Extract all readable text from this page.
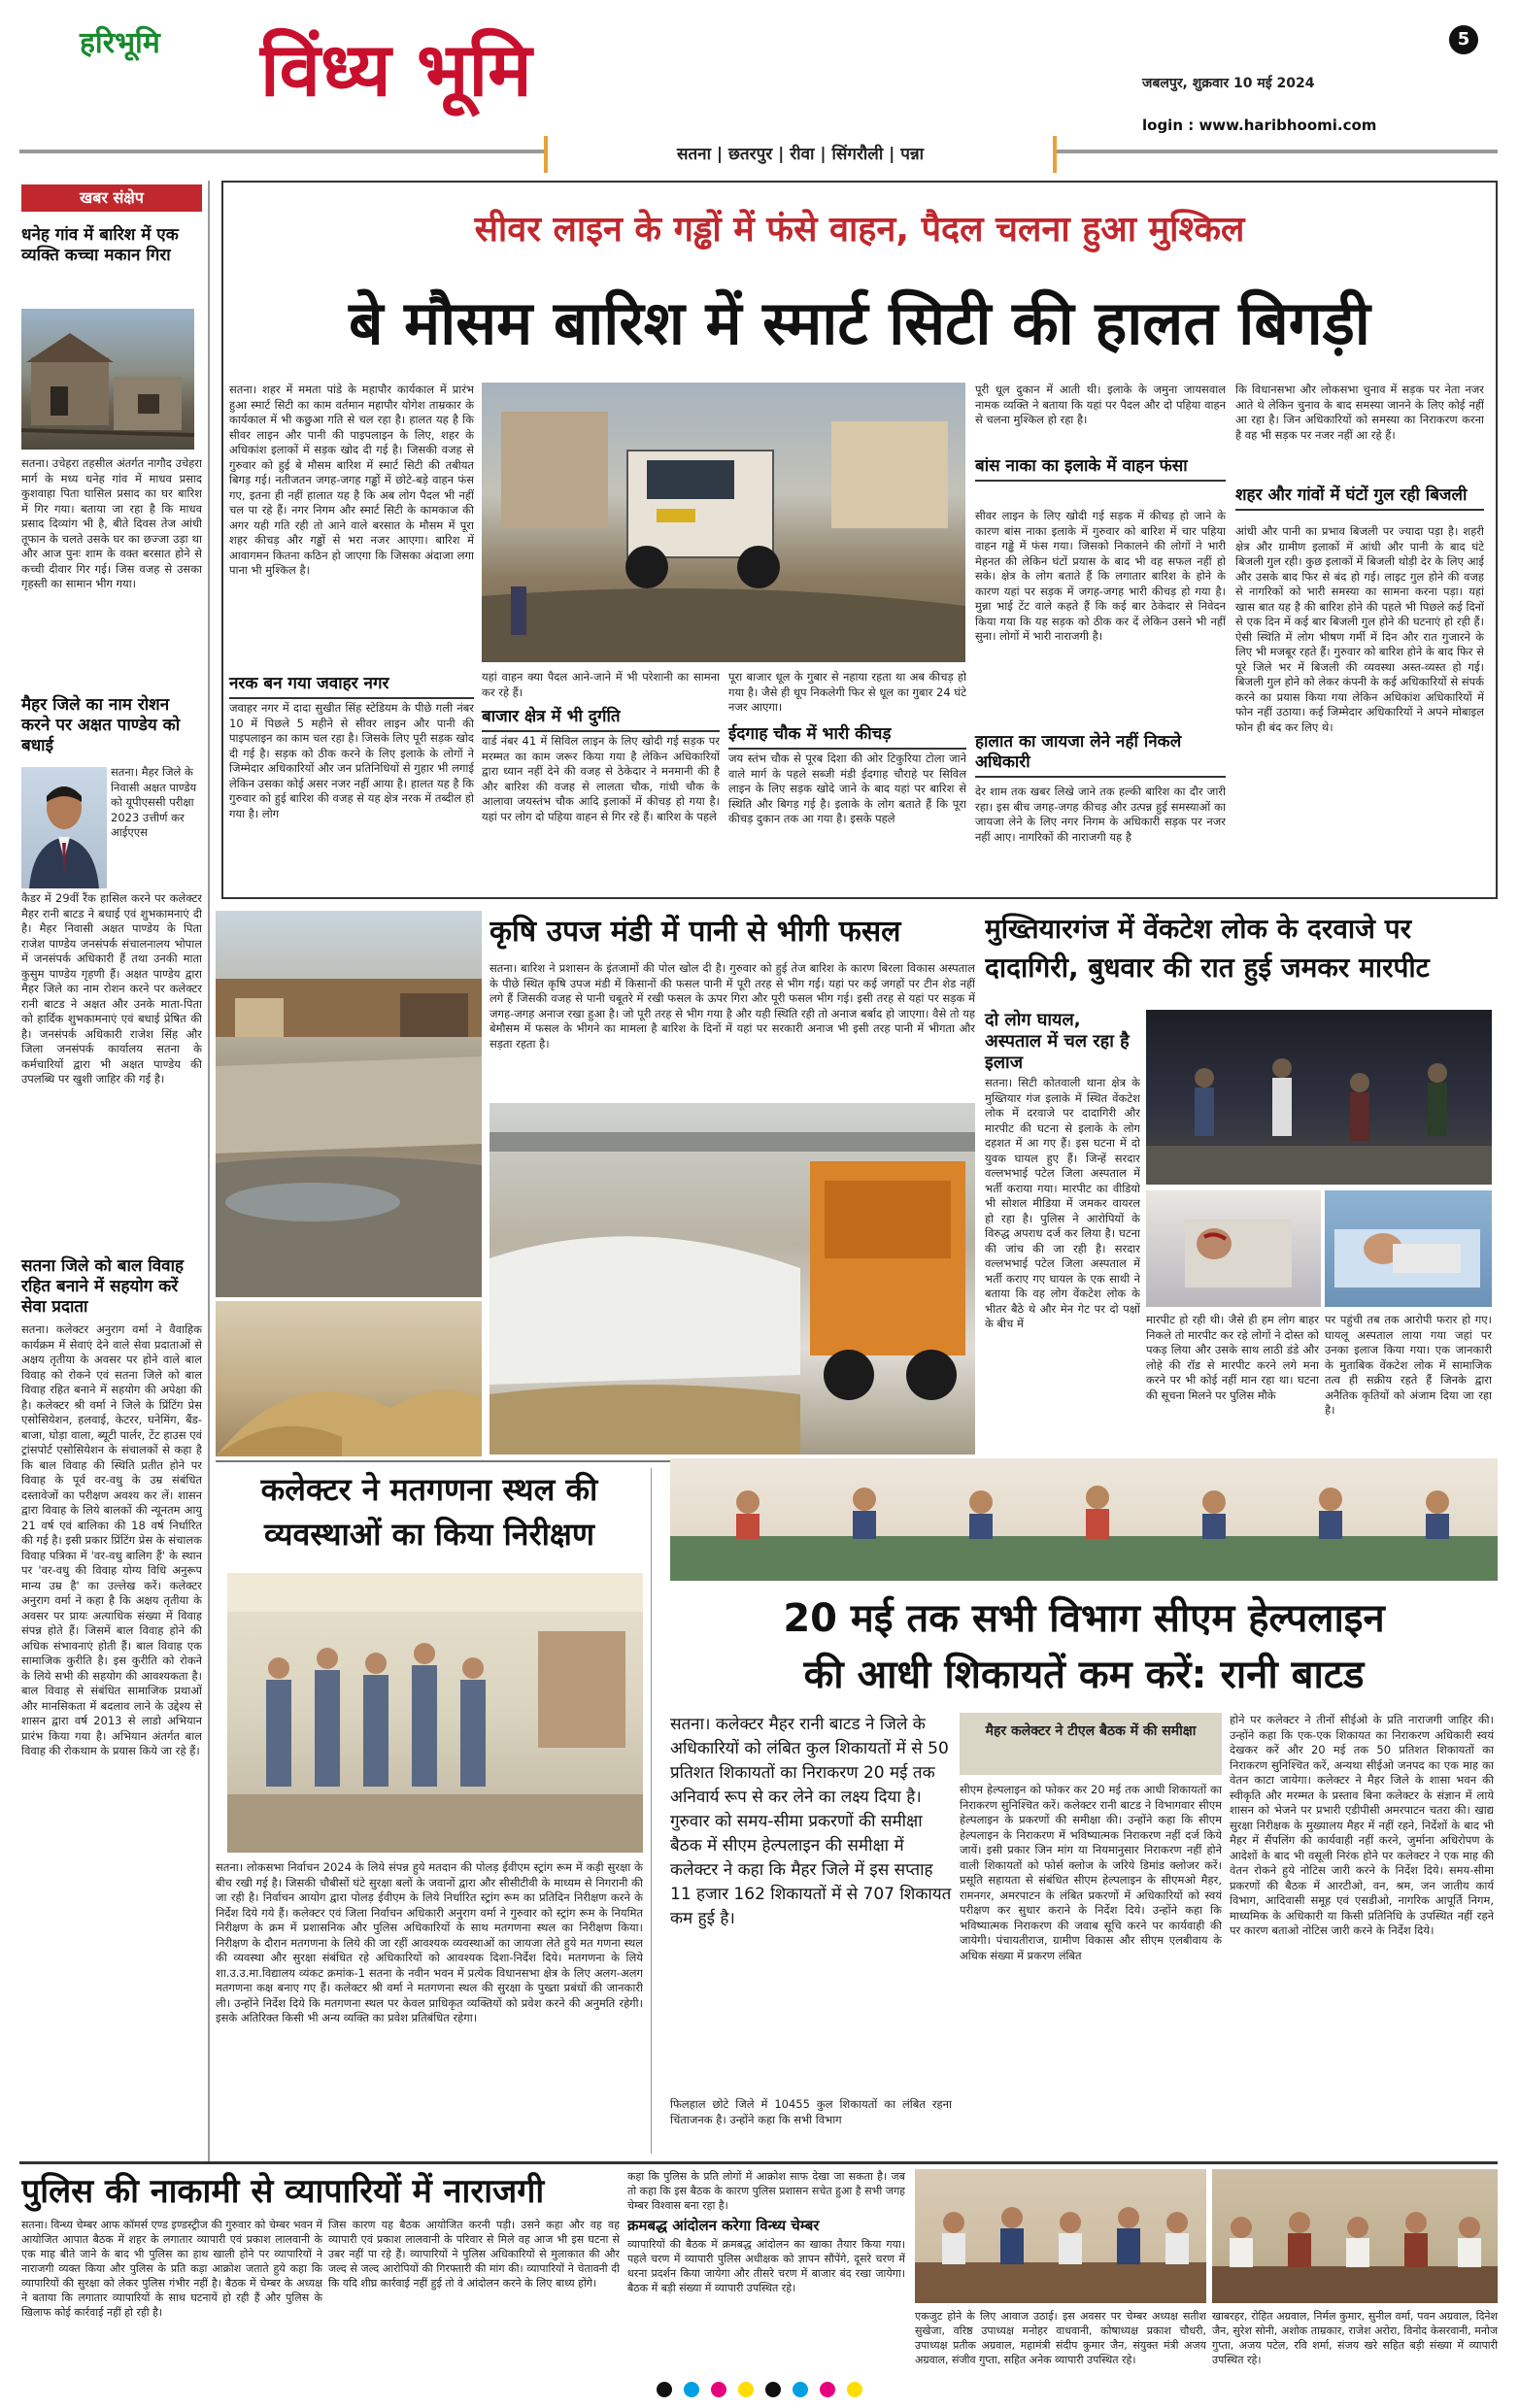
हरिभूमि विंध्य भूमि	5
जबलपुर, शुक्रवार 10 मई 2024
login : www.haribhoomi.com
सतना | छतरपुर | रीवा | सिंगरौली | पन्ना
खबर संक्षेप
धनेह गांव में बारिश में एक व्यक्ति कच्चा मकान गिरा
सतना। उचेहरा तहसील अंतर्गत नागौद उचेहरा मार्ग के मध्य धनेह गांव में माधव प्रसाद कुशवाहा पिता घासिल प्रसाद का घर बारिश में गिर गया। बताया जा रहा है कि माधव प्रसाद दिव्यांग भी है, बीते दिवस तेज आंधी तूफान के चलते उसके घर का छज्जा उड़ा था और आज पुनः शाम के वक्त बरसात होने से कच्ची दीवार गिर गई। जिस वजह से उसका गृहस्ती का सामान भीग गया।
मैहर जिले का नाम रोशन करने पर अक्षत पाण्डेय को बधाई
सतना। मैहर जिले के निवासी अक्षत पाण्डेय को यूपीएससी परीक्षा 2023 उत्तीर्ण कर आईएएस
कैडर में 29वीं रैंक हासिल करने पर कलेक्टर मैहर रानी बाटड ने बधाई एवं शुभकामनाएं दी है। मैहर निवासी अक्षत पाण्डेय के पिता राजेश पाण्डेय जनसंपर्क संचालनालय भोपाल में जनसंपर्क अधिकारी हैं तथा उनकी माता कुसुम पाण्डेय गृहणी हैं। अक्षत पाण्डेय द्वारा मैहर जिले का नाम रोशन करने पर कलेक्टर रानी बाटड ने अक्षत और उनके माता-पिता को हार्दिक शुभकामनाएं एवं बधाई प्रेषित की है। जनसंपर्क अधिकारी राजेश सिंह और जिला जनसंपर्क कार्यालय सतना के कर्मचारियों द्वारा भी अक्षत पाण्डेय की उपलब्धि पर खुशी जाहिर की गई है।
सतना जिले को बाल विवाह रहित बनाने में सहयोग करें सेवा प्रदाता
सतना। कलेक्टर अनुराग वर्मा ने वैवाहिक कार्यक्रम में सेवाएं देने वाले सेवा प्रदाताओं से अक्षय तृतीया के अवसर पर होने वाले बाल विवाह को रोकने एवं सतना जिले को बाल विवाह रहित बनाने में सहयोग की अपेक्षा की है। कलेक्टर श्री वर्मा ने जिले के प्रिंटिंग प्रेस एसोसियेशन, हलवाई, केटरर, घनेमिंग, बैंड-बाजा, घोड़ा वाला, ब्यूटी पार्लर, टेंट हाउस एवं ट्रांसपोर्ट एसोसियेशन के संचालकों से कहा है कि बाल विवाह की स्थिति प्रतीत होने पर विवाह के पूर्व वर-वधु के उम्र संबंधित दस्तावेजों का परीक्षण अवश्य कर लें। शासन द्वारा विवाह के लिये बालकों की न्यूनतम आयु 21 वर्ष एवं बालिका की 18 वर्ष निर्धारित की गई है। इसी प्रकार प्रिंटिंग प्रेस के संचालक विवाह पत्रिका में 'वर-वधु बालिग हैं' के स्थान पर 'वर-वधु की विवाह योग्य विधि अनुरूप मान्य उम्र है' का उल्लेख करें। कलेक्टर अनुराग वर्मा ने कहा है कि अक्षय तृतीया के अवसर पर प्रायः अत्याधिक संख्या में विवाह संपन्न होते हैं। जिसमें बाल विवाह होने की अधिक संभावनाएं होती हैं। बाल विवाह एक सामाजिक कुरीति है। इस कुरीति को रोकने के लिये सभी की सहयोग की आवश्यकता है। बाल विवाह से संबंधित सामाजिक प्रथाओं और मानसिकता में बदलाव लाने के उद्देश्य से शासन द्वारा वर्ष 2013 से लाडो अभियान प्रारंभ किया गया है। अभियान अंतर्गत बाल विवाह की रोकथाम के प्रयास किये जा रहे हैं।
सीवर लाइन के गड्ढों में फंसे वाहन, पैदल चलना हुआ मुश्किल
बे मौसम बारिश में स्मार्ट सिटी की हालत बिगड़ी
सतना। शहर में ममता पांडे के महापौर कार्यकाल में प्रारंभ हुआ स्मार्ट सिटी का काम वर्तमान महापौर योगेश ताम्रकार के कार्यकाल में भी कछुआ गति से चल रहा है। हालत यह है कि सीवर लाइन और पानी की पाइपलाइन के लिए, शहर के अधिकांश इलाकों में सड़क खोद दी गई है। जिसकी वजह से गुरुवार को हुई बे मौसम बारिश में स्मार्ट सिटी की तबीयत बिगड़ गई। नतीजतन जगह-जगह गड्ढों में छोटे-बड़े वाहन फंस गए, इतना ही नहीं हालात यह है कि अब लोग पैदल भी नहीं चल पा रहे हैं। नगर निगम और स्मार्ट सिटी के कामकाज की अगर यही गति रही तो आने वाले बरसात के मौसम में पूरा शहर कीचड़ और गड्ढों से भरा नजर आएगा। बारिश में आवागमन कितना कठिन हो जाएगा कि जिसका अंदाजा लगा पाना भी मुश्किल है।
नरक बन गया जवाहर नगर
जवाहर नगर में दादा सुखीत सिंह स्टेडियम के पीछे गली नंबर 10 में पिछले 5 महीने से सीवर लाइन और पानी की पाइपलाइन का काम चल रहा है। जिसके लिए पूरी सड़क खोद दी गई है। सड़क को ठीक करने के लिए इलाके के लोगों ने जिम्मेदार अधिकारियों और जन प्रतिनिधियों से गुहार भी लगाई लेकिन उसका कोई असर नजर नहीं आया है। हालत यह है कि गुरुवार को हुई बारिश की वजह से यह क्षेत्र नरक में तब्दील हो गया है। लोग
यहां वाहन क्या पैदल आने-जाने में भी परेशानी का सामना कर रहे हैं।
बाजार क्षेत्र में भी दुर्गति
वार्ड नंबर 41 में सिविल लाइन के लिए खोदी गई सड़क पर मरम्मत का काम जरूर किया गया है लेकिन अधिकारियों द्वारा ध्यान नहीं देने की वजह से ठेकेदार ने मनमानी की है और बारिश की वजह से लालता चौक, गांधी चौक के आलावा जयस्तंभ चौक आदि इलाकों में कीचड़ हो गया है। यहां पर लोग दो पहिया वाहन से गिर रहे हैं। बारिश के पहले
पूरा बाजार धूल के गुबार से नहाया रहता था अब कीचड़ हो गया है। जैसे ही धूप निकलेगी फिर से धूल का गुबार 24 घंटे नजर आएगा।
ईदगाह चौक में भारी कीचड़
जय स्तंभ चौक से पूरब दिशा की ओर टिकुरिया टोला जाने वाले मार्ग के पहले सब्जी मंडी ईदगाह चौराहे पर सिविल लाइन के लिए सड़क खोदे जाने के बाद यहां पर बारिश से स्थिति और बिगड़ गई है। इलाके के लोग बताते हैं कि पूरा कीचड़ दुकान तक आ गया है। इसके पहले
पूरी धूल दुकान में आती थी। इलाके के जमुना जायसवाल नामक व्यक्ति ने बताया कि यहां पर पैदल और दो पहिया वाहन से चलना मुश्किल हो रहा है।
बांस नाका का इलाके में वाहन फंसा
सीवर लाइन के लिए खोदी गई सड़क में कीचड़ हो जाने के कारण बांस नाका इलाके में गुरुवार को बारिश में चार पहिया वाहन गड्ढे में फंस गया। जिसको निकालने की लोगों ने भारी मेहनत की लेकिन घंटों प्रयास के बाद भी वह सफल नहीं हो सके। क्षेत्र के लोग बताते हैं कि लगातार बारिश के होने के कारण यहां पर सड़क में जगह-जगह भारी कीचड़ हो गया है। मुन्ना भाई टेंट वाले कहते हैं कि कई बार ठेकेदार से निवेदन किया गया कि यह सड़क को ठीक कर दें लेकिन उसने भी नहीं सुना। लोगों में भारी नाराजगी है।
हालात का जायजा लेने नहीं निकले अधिकारी
देर शाम तक खबर लिखे जाने तक हल्की बारिश का दौर जारी रहा। इस बीच जगह-जगह कीचड़ और उत्पन्न हुई समस्याओं का जायजा लेने के लिए नगर निगम के अधिकारी सड़क पर नजर नहीं आए। नागरिकों की नाराजगी यह है
कि विधानसभा और लोकसभा चुनाव में सड़क पर नेता नजर आते थे लेकिन चुनाव के बाद समस्या जानने के लिए कोई नहीं आ रहा है। जिन अधिकारियों को समस्या का निराकरण करना है वह भी सड़क पर नजर नहीं आ रहे हैं।
शहर और गांवों में घंटों गुल रही बिजली
आंधी और पानी का प्रभाव बिजली पर ज्यादा पड़ा है। शहरी क्षेत्र और ग्रामीण इलाकों में आंधी और पानी के बाद घंटे बिजली गुल रही। कुछ इलाकों में बिजली थोड़ी देर के लिए आई और उसके बाद फिर से बंद हो गई। लाइट गुल होने की वजह से नागरिकों को भारी समस्या का सामना करना पड़ा। यहां खास बात यह है की बारिश होने की पहले भी पिछले कई दिनों से एक दिन में कई बार बिजली गुल होने की घटनाएं हो रही हैं। ऐसी स्थिति में लोग भीषण गर्मी में दिन और रात गुजारने के लिए भी मजबूर रहते हैं। गुरुवार को बारिश होने के बाद फिर से पूरे जिले भर में बिजली की व्यवस्था अस्त-व्यस्त हो गई। बिजली गुल होने को लेकर कंपनी के कई अधिकारियों से संपर्क करने का प्रयास किया गया लेकिन अधिकांश अधिकारियों में फोन नहीं उठाया। कई जिम्मेदार अधिकारियों ने अपने मोबाइल फोन ही बंद कर लिए थे।
कृषि उपज मंडी में पानी से भीगी फसल
सतना। बारिश ने प्रशासन के इंतजामों की पोल खोल दी है। गुरुवार को हुई तेज बारिश के कारण बिरला विकास अस्पताल के पीछे स्थित कृषि उपज मंडी में किसानों की फसल पानी में पूरी तरह से भीग गई। यहां पर कई जगहों पर टीन शेड नहीं लगे हैं जिसकी वजह से पानी चबूतरे में रखी फसल के ऊपर गिरा और पूरी फसल भीग गई। इसी तरह से यहां पर सड़क में जगह-जगह अनाज रखा हुआ है। जो पूरी तरह से भीग गया है और यही स्थिति रही तो अनाज बर्बाद हो जाएगा। वैसे तो यह बेमौसम में फसल के भीगने का मामला है बारिश के दिनों में यहां पर सरकारी अनाज भी इसी तरह पानी में भीगता और सड़ता रहता है।
मुख्तियारगंज में वेंकटेश लोक के दरवाजे पर
दादागिरी, बुधवार की रात हुई जमकर मारपीट
दो लोग घायल, अस्पताल में चल रहा है इलाज
सतना। सिटी कोतवाली थाना क्षेत्र के मुख्तियार गंज इलाके में स्थित वेंकटेश लोक में दरवाजे पर दादागिरी और मारपीट की घटना से इलाके के लोग दहशत में आ गए हैं। इस घटना में दो युवक घायल हुए हैं। जिन्हें सरदार वल्लभभाई पटेल जिला अस्पताल में भर्ती कराया गया। मारपीट का वीडियो भी सोशल मीडिया में जमकर वायरल हो रहा है। पुलिस ने आरोपियों के विरुद्ध अपराध दर्ज कर लिया है। घटना की जांच की जा रही है। सरदार वल्लभभाई पटेल जिला अस्पताल में भर्ती कराए गए घायल के एक साथी ने बताया कि वह लोग वेंकटेश लोक के भीतर बैठे थे और मेन गेट पर दो पक्षों के बीच में	मारपीट हो रही थी। जैसे ही हम लोग बाहर निकले तो मारपीट कर रहे लोगों ने दोस्त को पकड़ लिया और उसके साथ लाठी डंडे और लोहे की रॉड से मारपीट करने लगे मना करने पर भी कोई नहीं मान रहा था। घटना की सूचना मिलने पर पुलिस मौके
पर पहुंची तब तक आरोपी फरार हो गए। घायलू अस्पताल लाया गया जहां पर उनका इलाज किया गया। एक जानकारी के मुताबिक वेंकटेश लोक में सामाजिक तत्व ही सक्रीय रहते हैं जिनके द्वारा अनैतिक कृतियों को अंजाम दिया जा रहा है।
कलेक्टर ने मतगणना स्थल की
व्यवस्थाओं का किया निरीक्षण
सतना। लोकसभा निर्वाचन 2024 के लिये संपन्न हुये मतदान की पोलड़ ईवीएम स्ट्रांग रूम में कड़ी सुरक्षा के बीच रखी गई है। जिसकी चौबीसों घंटे सुरक्षा बलों के जवानों द्वारा और सीसीटीवी के माध्यम से निगरानी की जा रही है। निर्वाचन आयोग द्वारा पोलड़ ईवीएम के लिये निर्धारित स्ट्रांग रूम का प्रतिदिन निरीक्षण करने के निर्देश दिये गये हैं। कलेक्टर एवं जिला निर्वाचन अधिकारी अनुराग वर्मा ने गुरुवार को स्ट्रांग रूम के नियमित निरीक्षण के क्रम में प्रशासनिक और पुलिस अधिकारियों के साथ मतगणना स्थल का निरीक्षण किया। निरीक्षण के दौरान मतगणना के लिये की जा रहीं आवश्यक व्यवस्थाओं का जायजा लेते हुये मत गणना स्थल की व्यवस्था और सुरक्षा संबंधित रहे अधिकारियों को आवश्यक दिशा-निर्देश दिये। मतगणना के लिये शा.उ.उ.मा.विद्यालय व्यंकट क्रमांक-1 सतना के नवीन भवन में प्रत्येक विधानसभा क्षेत्र के लिए अलग-अलग मतगणना कक्ष बनाए गए हैं। कलेक्टर श्री वर्मा ने मतगणना स्थल की सुरक्षा के पुख्ता प्रबंधों की जानकारी ली। उन्होंने निर्देश दिये कि मतगणना स्थल पर केवल प्राधिकृत व्यक्तियों को प्रवेश करने की अनुमति रहेगी। इसके अतिरिक्त किसी भी अन्य व्यक्ति का प्रवेश प्रतिबंधित रहेगा।
20 मई तक सभी विभाग सीएम हेल्पलाइन
की आधी शिकायतें कम करें: रानी बाटड
सतना। कलेक्टर मैहर रानी बाटड ने जिले के अधिकारियों को लंबित कुल शिकायतों में से 50 प्रतिशत शिकायतों का निराकरण 20 मई तक अनिवार्य रूप से कर लेने का लक्ष्य दिया है। गुरुवार को समय-सीमा प्रकरणों की समीक्षा बैठक में सीएम हेल्पलाइन की समीक्षा में कलेक्टर ने कहा कि मैहर जिले में इस सप्ताह 11 हजार 162 शिकायतों में से 707 शिकायत कम हुई है।
फिलहाल छोटे जिले में 10455 कुल शिकायतों का लंबित रहना चिंताजनक है। उन्होंने कहा कि सभी विभाग
मैहर कलेक्टर ने टीएल बैठक में की समीक्षा
सीएम हेल्पलाइन को फोकर कर 20 मई तक आधी शिकायतों का निराकरण सुनिश्चित करें। कलेक्टर रानी बाटड ने विभागवार सीएम हेल्पलाइन के प्रकरणों की समीक्षा की। उन्होंने कहा कि सीएम हेल्पलाइन के निराकरण में भविष्यात्मक निराकरण नहीं दर्ज किये जायें। इसी प्रकार जिन मांग या नियमानुसार निराकरण नहीं होने वाली शिकायतों को फोर्स क्लोज के जरिये डिमांड क्लोजर करें। प्रसूति सहायता से संबंधित सीएम हेल्पलाइन के सीएमओ मैहर, रामनगर, अमरपाटन के लंबित प्रकरणों में अधिकारियों को स्वयं परीक्षण कर सुधार कराने के निर्देश दिये। उन्होंने कहा कि भविष्यात्मक निराकरण की जवाब सूचि करने पर कार्यवाही की जायेगी। पंचायतीराज, ग्रामीण विकास और सीएम एलबीवाय के अधिक संख्या में प्रकरण लंबित
होने पर कलेक्टर ने तीनों सीईओ के प्रति नाराजगी जाहिर की। उन्होंने कहा कि एक-एक शिकायत का निराकरण अधिकारी स्वयं देखकर करें और 20 मई तक 50 प्रतिशत शिकायतों का निराकरण सुनिश्चित करें, अन्यथा सीईओ जनपद का एक माह का वेतन काटा जायेगा। कलेक्टर ने मैहर जिले के शासा भवन की स्वीकृति और मरम्मत के प्रस्ताव बिना कलेक्टर के संज्ञान में लाये शासन को भेजने पर प्रभारी एडीपीसी अमरपाटन चतरा की। खाद्य सुरक्षा निरीक्षक के मुख्यालय मैहर में नहीं रहने, निर्देशों के बाद भी मैहर में सैंपलिंग की कार्यवाही नहीं करने, जुर्माना अधिरोपण के आदेशों के बाद भी वसूली निरंक होने पर कलेक्टर ने एक माह की वेतन रोकने हुये नोटिस जारी करने के निर्देश दिये। समय-सीमा प्रकरणों की बैठक में आरटीओ, वन, श्रम, जन जातीय कार्य विभाग, आदिवासी समूह एवं एसडीओ, नागरिक आपूर्ति निगम, माध्यमिक के अधिकारी या किसी प्रतिनिधि के उपस्थित नहीं रहने पर कारण बताओ नोटिस जारी करने के निर्देश दिये।
पुलिस की नाकामी से व्यापारियों में नाराजगी
सतना। विन्ध्य चेम्बर आफ कॉमर्स एण्ड इण्डस्ट्रीज की गुरुवार को चेम्बर भवन में आयोजित आपात बैठक में शहर के लगातार व्यापारी एवं प्रकाश लालवानी के एक माह बीते जाने के बाद भी पुलिस का हाथ खाली होने पर व्यापारियों ने नाराजगी व्यक्त किया और पुलिस के प्रति कड़ा आक्रोश जताते हुये कहा कि व्यापारियों की सुरक्षा को लेकर पुलिस गंभीर नहीं है। बैठक में चेम्बर के अध्यक्ष ने बताया कि लगातार व्यापारियों के साथ घटनायें हो रही हैं और पुलिस के खिलाफ कोई कार्रवाई नहीं हो रही है।
जिस कारण यह बैठक आयोजित करनी पड़ी। उसने कहा और वह वह व्यापारी एवं प्रकाश लालवानी के परिवार से मिले वह आज भी इस घटना से उबर नहीं पा रहे हैं। व्यापारियों ने पुलिस अधिकारियों से मुलाकात की और जल्द से जल्द आरोपियों की गिरफ्तारी की मांग की। व्यापारियों ने चेतावनी दी कि यदि शीघ्र कार्रवाई नहीं हुई तो वे आंदोलन करने के लिए बाध्य होंगे।
कहा कि पुलिस के प्रति लोगों में आक्रोश साफ देखा जा सकता है। जब तो कहा कि इस बैठक के कारण पुलिस प्रशासन सचेत हुआ है सभी जगह चेम्बर विश्वास बना रहा है।
क्रमबद्ध आंदोलन करेगा विन्ध्य चेम्बर
व्यापारियों की बैठक में क्रमबद्ध आंदोलन का खाका तैयार किया गया। पहले चरण में व्यापारी पुलिस अधीक्षक को ज्ञापन सौंपेंगे, दूसरे चरण में धरना प्रदर्शन किया जायेगा और तीसरे चरण में बाजार बंद रखा जायेगा। बैठक में बड़ी संख्या में व्यापारी उपस्थित रहे।
एकजुट होने के लिए आवाज उठाई। इस अवसर पर चेम्बर अध्यक्ष सतीश सुखेजा, वरिष्ठ उपाध्यक्ष मनोहर वाधवानी, कोषाध्यक्ष प्रकाश चौधरी, उपाध्यक्ष प्रतीक अग्रवाल, महामंत्री संदीप कुमार जैन, संयुक्त मंत्री अजय अग्रवाल, संजीव गुप्ता, सहित अनेक व्यापारी उपस्थित रहे।
खाबरहर, रोहित अग्रवाल, निर्मल कुमार, सुनील वर्मा, पवन अग्रवाल, दिनेश जैन, सुरेश सोनी, अशोक ताम्रकार, राजेश अरोरा, विनोद केसरवानी, मनोज गुप्ता, अजय पटेल, रवि शर्मा, संजय खरे सहित बड़ी संख्या में व्यापारी उपस्थित रहे।
